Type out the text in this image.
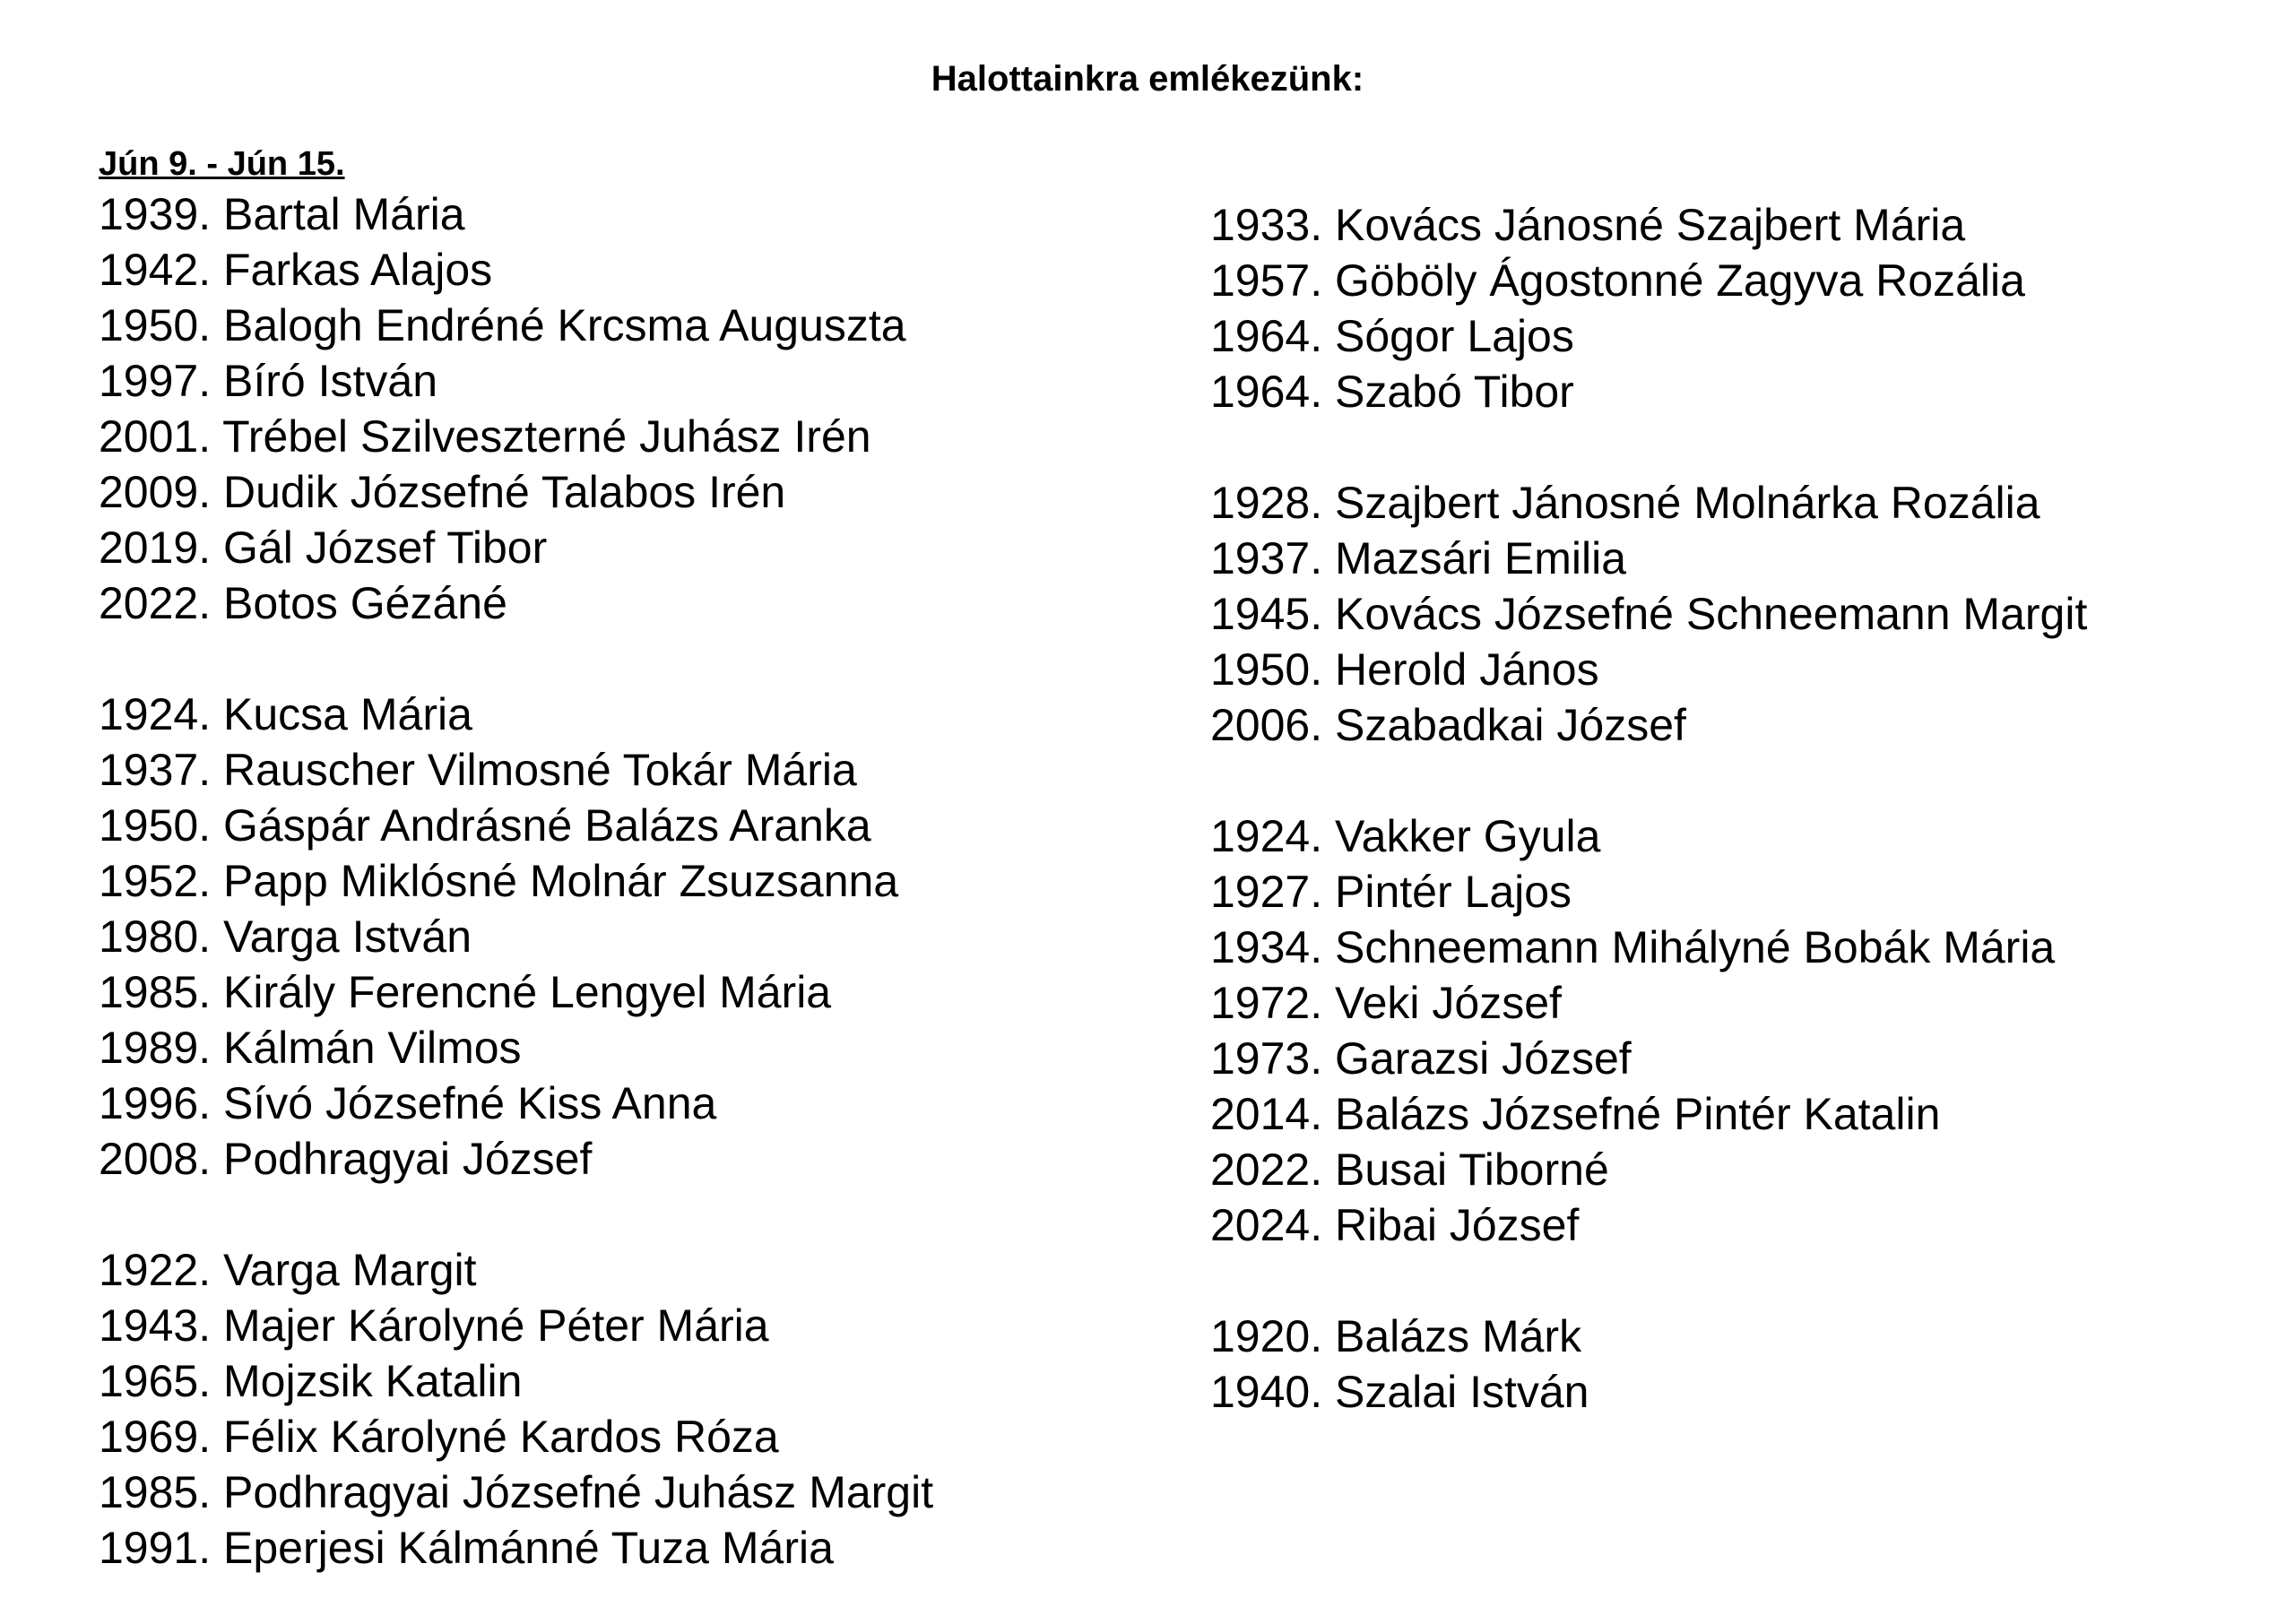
Halottainkra emlékezünk:
Jún 9. - Jún 15.
1939. Bartal Mária
1942. Farkas Alajos
1950. Balogh Endréné Krcsma Auguszta
1997. Bíró István
2001. Trébel Szilveszterné Juhász Irén
2009. Dudik Józsefné Talabos Irén
2019. Gál József Tibor
2022. Botos Gézáné
1924. Kucsa Mária
1937. Rauscher Vilmosné Tokár Mária
1950. Gáspár Andrásné Balázs Aranka
1952. Papp Miklósné Molnár Zsuzsanna
1980. Varga István
1985. Király Ferencné Lengyel Mária
1989. Kálmán Vilmos
1996. Sívó Józsefné Kiss Anna
2008. Podhragyai József
1922. Varga Margit
1943. Majer Károlyné Péter Mária
1965. Mojzsik Katalin
1969. Félix Károlyné Kardos Róza
1985. Podhragyai Józsefné Juhász Margit
1991. Eperjesi Kálmánné Tuza Mária
1933. Kovács Jánosné Szajbert Mária
1957. Göböly Ágostonné Zagyva Rozália
1964. Sógor Lajos
1964. Szabó Tibor
1928. Szajbert Jánosné Molnárka Rozália
1937. Mazsári Emilia
1945. Kovács Józsefné Schneemann Margit
1950. Herold János
2006. Szabadkai József
1924. Vakker Gyula
1927. Pintér Lajos
1934. Schneemann Mihályné Bobák Mária
1972. Veki József
1973. Garazsi József
2014. Balázs Józsefné Pintér Katalin
2022. Busai Tiborné
2024. Ribai József
1920. Balázs Márk
1940. Szalai István
